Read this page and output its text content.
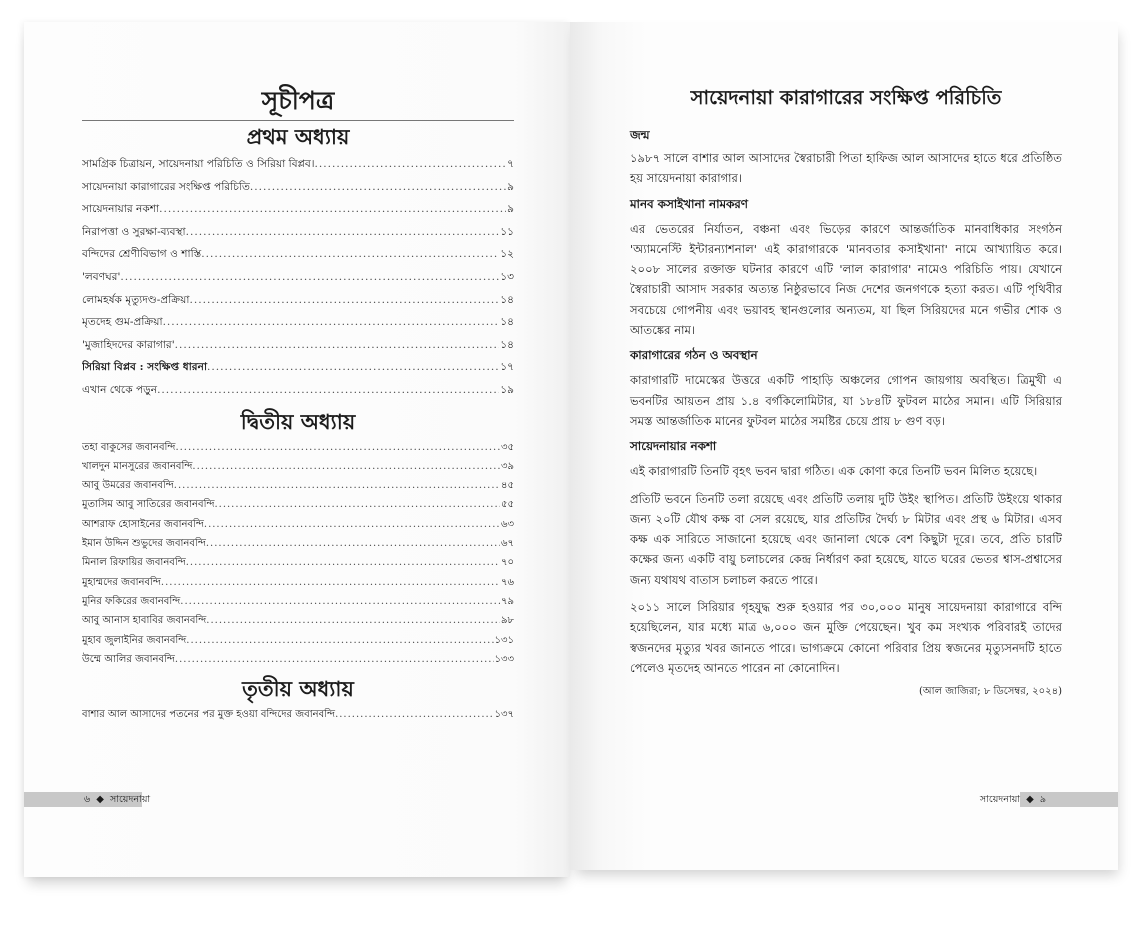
সূচীপত্র
প্রথম অধ্যায়
সামগ্রিক চিত্রায়ন, সায়েদনায়া পরিচিতি ও সিরিয়া বিপ্লব। .....	৭
সায়েদনায়া কারাগারের সংক্ষিপ্ত পরিচিতি .....	৯
সায়েদনায়ার নকশা .....	৯
নিরাপত্তা ও সুরক্ষা-ব্যবস্থা .....	১১
বন্দিদের শ্রেণীবিভাগ ও শাস্তি .....	১২
'লবণঘর' .....	১৩
লোমহর্ষক মৃত্যুদণ্ড-প্রক্রিয়া .....	১৪
মৃতদেহ গুম-প্রক্রিয়া .....	১৪
'মুজাহিদদের কারাগার' .....	১৪
সিরিয়া বিপ্লব : সংক্ষিপ্ত ধারনা .....	১৭
এখান থেকে পড়ুন .....	১৯
দ্বিতীয় অধ্যায়
তহা বাকুসের জবানবন্দি .....	৩৫
খালদুন মানসুরের জবানবন্দি .....	৩৯
আবু উমরের জবানবন্দি .....	৪৫
মুতাসিম আবু সাতিরের জবানবন্দি .....	৫৫
আশরাফ হোসাইনের জবানবন্দি .....	৬৩
ইমান উদ্দিন শুভুদের জবানবন্দি .....	৬৭
মিনাল রিফায়ির জবানবন্দি .....	৭০
মুহাম্মদের জবানবন্দি .....	৭৬
মুনির ফকিরের জবানবন্দি .....	৭৯
আবু আনাস হাবাবির জবানবন্দি .....	৯৮
মুহাব জুলাইনির জবানবন্দি .....	১৩১
উম্মে আলির জবানবন্দি .....	১৩৩
তৃতীয় অধ্যায়
বাশার আল আসাদের পতনের পর মুক্ত হওয়া বন্দিদের জবানবন্দি .....	১৩৭
৬ ◆ সায়েদনায়া
সায়েদনায়া কারাগারের সংক্ষিপ্ত পরিচিতি
জন্ম

১৯৮৭ সালে বাশার আল আসাদের স্বৈরাচারী পিতা হাফিজ আল আসাদের হাতে ধরে প্রতিষ্ঠিত হয় সায়েদনায়া কারাগার।

মানব কসাইখানা নামকরণ

এর ভেতরের নির্যাতন, বঞ্চনা এবং ভিড়ের কারণে আন্তর্জাতিক মানবাধিকার সংগঠন 'অ্যামনেস্টি ইন্টারন্যাশনাল' এই কারাগারকে 'মানবতার কসাইখানা' নামে আখ্যায়িত করে। ২০০৮ সালের রক্তাক্ত ঘটনার কারণে এটি 'লাল কারাগার' নামেও পরিচিতি পায়। যেখানে স্বৈরাচারী আসাদ সরকার অত্যন্ত নিষ্ঠুরভাবে নিজ দেশের জনগণকে হত্যা করত। এটি পৃথিবীর সবচেয়ে গোপনীয় এবং ভয়াবহ স্থানগুলোর অন্যতম, যা ছিল সিরিয়দের মনে গভীর শোক ও আতঙ্কের নাম।

কারাগারের গঠন ও অবস্থান

কারাগারটি দামেস্কের উত্তরে একটি পাহাড়ি অঞ্চলের গোপন জায়গায় অবস্থিত। ত্রিমুখী এ ভবনটির আয়তন প্রায় ১.৪ বর্গকিলোমিটার, যা ১৮৪টি ফুটবল মাঠের সমান। এটি সিরিয়ার সমস্ত আন্তর্জাতিক মানের ফুটবল মাঠের সমষ্টির চেয়ে প্রায় ৮ গুণ বড়।

সায়েদনায়ার নকশা

এই কারাগারটি তিনটি বৃহৎ ভবন দ্বারা গঠিত। এক কোণা করে তিনটি ভবন মিলিত হয়েছে।

প্রতিটি ভবনে তিনটি তলা রয়েছে এবং প্রতিটি তলায় দুটি উইং স্থাপিত। প্রতিটি উইংয়ে থাকার জন্য ২০টি যৌথ কক্ষ বা সেল রয়েছে, যার প্রতিটির দৈর্ঘ্য ৮ মিটার এবং প্রস্থ ৬ মিটার। এসব কক্ষ এক সারিতে সাজানো হয়েছে এবং জানালা থেকে বেশ কিছুটা দূরে। তবে, প্রতি চারটি কক্ষের জন্য একটি বায়ু চলাচলের কেন্দ্র নির্ধারণ করা হয়েছে, যাতে ঘরের ভেতর শ্বাস-প্রশ্বাসের জন্য যথাযথ বাতাস চলাচল করতে পারে।

২০১১ সালে সিরিয়ার গৃহযুদ্ধ শুরু হওয়ার পর ৩০,০০০ মানুষ সায়েদনায়া কারাগারে বন্দি হয়েছিলেন, যার মধ্যে মাত্র ৬,০০০ জন মুক্তি পেয়েছেন। খুব কম সংখ্যক পরিবারই তাদের স্বজনদের মৃত্যুর খবর জানতে পারে। ভাগ্যক্রমে কোনো পরিবার প্রিয় স্বজনের মৃত্যুসনদটি হাতে পেলেও মৃতদেহ আনতে পারেন না কোনোদিন।

(আল জাজিরা; ৮ ডিসেম্বর, ২০২৪)

সায়েদনায়া ◆ ৯
